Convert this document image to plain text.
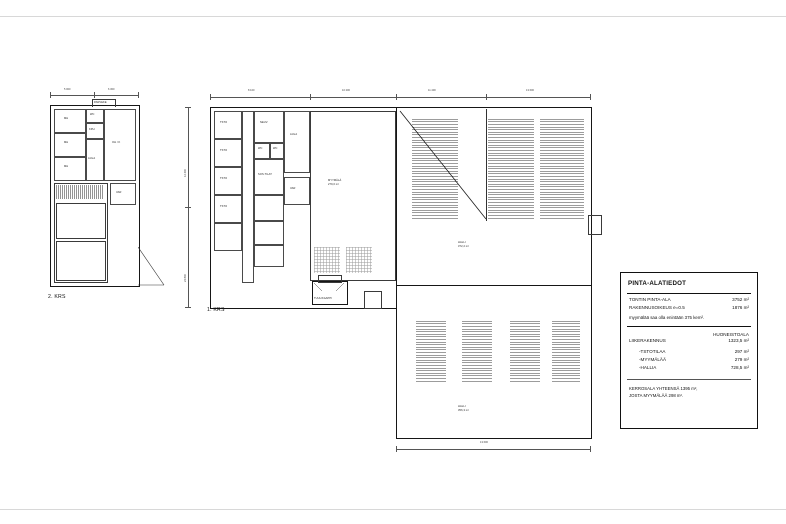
MH
MH
MH
WC
KPH
OH / K
AULA
VAR
PARVEKE
5 000	6 300
2. KRS
MYYMÄLÄ
279,0 m²
HALLI
372,2 m²
HALLI
356,3 m²
NEUV.
WC	WC
SOS.TILAT
TSTO
TSTO
TSTO
TSTO
AULA
VAR
TUULIKAAPPI
8 100	10 200	11 400	13 600
12 400
24 800
13 600
1. KRS
PINTA-ALATIEDOT
TONTIN PINTA-ALA	3752 m²
RAKENNUSOIKEUS e=0.5	1876 m²
myymälää saa olla enintään 375 kem².
HUONEISTOALA
LIIKERAKENNUS	1323,5 m²
-TSTOTILAA	297 m²
-MYYMÄLÄÄ	279 m²
-HALLIA	728,5 m²
KERROSALA YHTEENSÄ 1395 m²,
JOSTA MYYMÄLÄÄ 298 m².
